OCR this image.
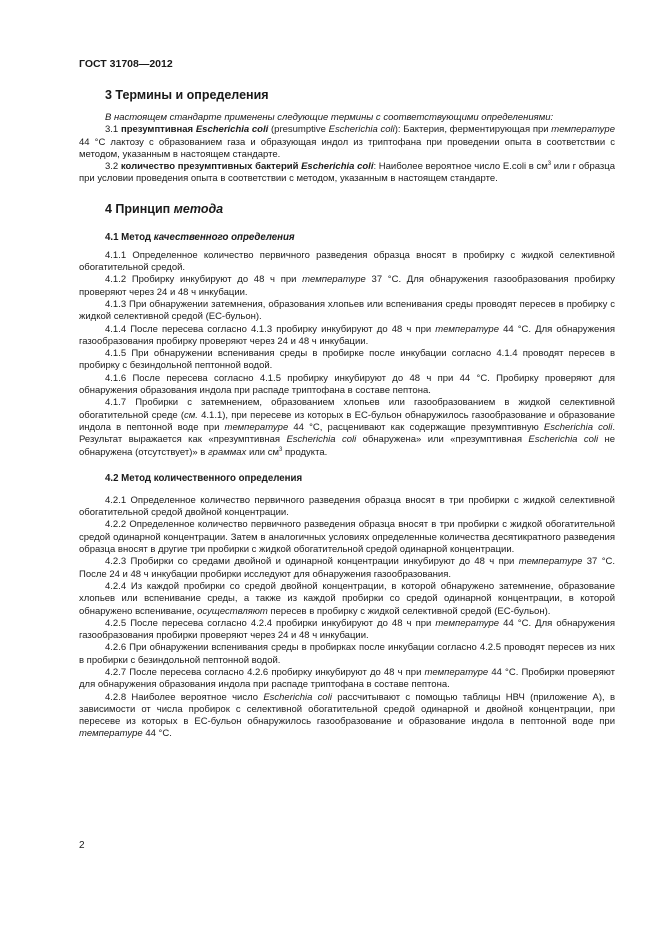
ГОСТ 31708—2012
3 Термины и определения

В настоящем стандарте применены следующие термины с соответствующими определениями:

3.1 презумптивная Escherichia coli (presumptive Escherichia coli): Бактерия, ферментирующая при температуре 44 °С лактозу с образованием газа и образующая индол из триптофана при проведении опыта в соответствии с методом, указанным в настоящем стандарте.

3.2 количество презумптивных бактерий Escherichia coli: Наиболее вероятное число E.coli в $см^3$ или г образца при условии проведения опыта в соответствии с методом, указанным в настоящем стандарте.

4 Принцип метода
4.1 Метод качественного определения

4.1.1 Определенное количество первичного разведения образца вносят в пробирку с жидкой селективной обогатительной средой.

4.1.2 Пробирку инкубируют до 48 ч при температуре 37 °С. Для обнаружения газообразования пробирку проверяют через 24 и 48 ч инкубации.

4.1.3 При обнаружении затемнения, образования хлопьев или вспенивания среды проводят пересев в пробирку с жидкой селективной средой (EC-бульон).

4.1.4 После пересева согласно 4.1.3 пробирку инкубируют до 48 ч при температуре 44 °С. Для обнаружения газообразования пробирку проверяют через 24 и 48 ч инкубации.

4.1.5 При обнаружении вспенивания среды в пробирке после инкубации согласно 4.1.4 проводят пересев в пробирку с безиндольной пептонной водой.

4.1.6 После пересева согласно 4.1.5 пробирку инкубируют до 48 ч при 44 °С. Пробирку проверяют для обнаружения образования индола при распаде триптофана в составе пептона.

4.1.7 Пробирки с затемнением, образованием хлопьев или газообразованием в жидкой селективной обогатительной среде (см. 4.1.1), при пересеве из которых в EC-бульон обнаружилось газообразование и образование индола в пептонной воде при температуре 44 °С, расценивают как содержащие презумптивную Escherichia coli. Результат выражается как «презумптивная Escherichia coli обнаружена» или «презумптивная Escherichia coli не обнаружена (отсутствует)» в граммах или $см^3$ продукта.

4.2 Метод количественного определения

4.2.1 Определенное количество первичного разведения образца вносят в три пробирки с жидкой селективной обогатительной средой двойной концентрации.

4.2.2 Определенное количество первичного разведения образца вносят в три пробирки с жидкой обогатительной средой одинарной концентрации. Затем в аналогичных условиях определенные количества десятикратного разведения образца вносят в другие три пробирки с жидкой обогатительной средой одинарной концентрации.

4.2.3 Пробирки со средами двойной и одинарной концентрации инкубируют до 48 ч при температуре 37 °С. После 24 и 48 ч инкубации пробирки исследуют для обнаружения газообразования.

4.2.4 Из каждой пробирки со средой двойной концентрации, в которой обнаружено затемнение, образование хлопьев или вспенивание среды, а также из каждой пробирки со средой одинарной концентрации, в которой обнаружено вспенивание, осуществляют пересев в пробирку с жидкой селективной средой (EC-бульон).

4.2.5 После пересева согласно 4.2.4 пробирки инкубируют до 48 ч при температуре 44 °С. Для обнаружения газообразования пробирки проверяют через 24 и 48 ч инкубации.

4.2.6 При обнаружении вспенивания среды в пробирках после инкубации согласно 4.2.5 проводят пересев из них в пробирки с безиндольной пептонной водой.

4.2.7 После пересева согласно 4.2.6 пробирку инкубируют до 48 ч при температуре 44 °С. Пробирки проверяют для обнаружения образования индола при распаде триптофана в составе пептона.

4.2.8 Наиболее вероятное число Escherichia coli рассчитывают с помощью таблицы НВЧ (приложение А), в зависимости от числа пробирок с селективной обогатительной средой одинарной и двойной концентрации, при пересеве из которых в EC-бульон обнаружилось газообразование и образование индола в пептонной воде при температуре 44 °С.

2
